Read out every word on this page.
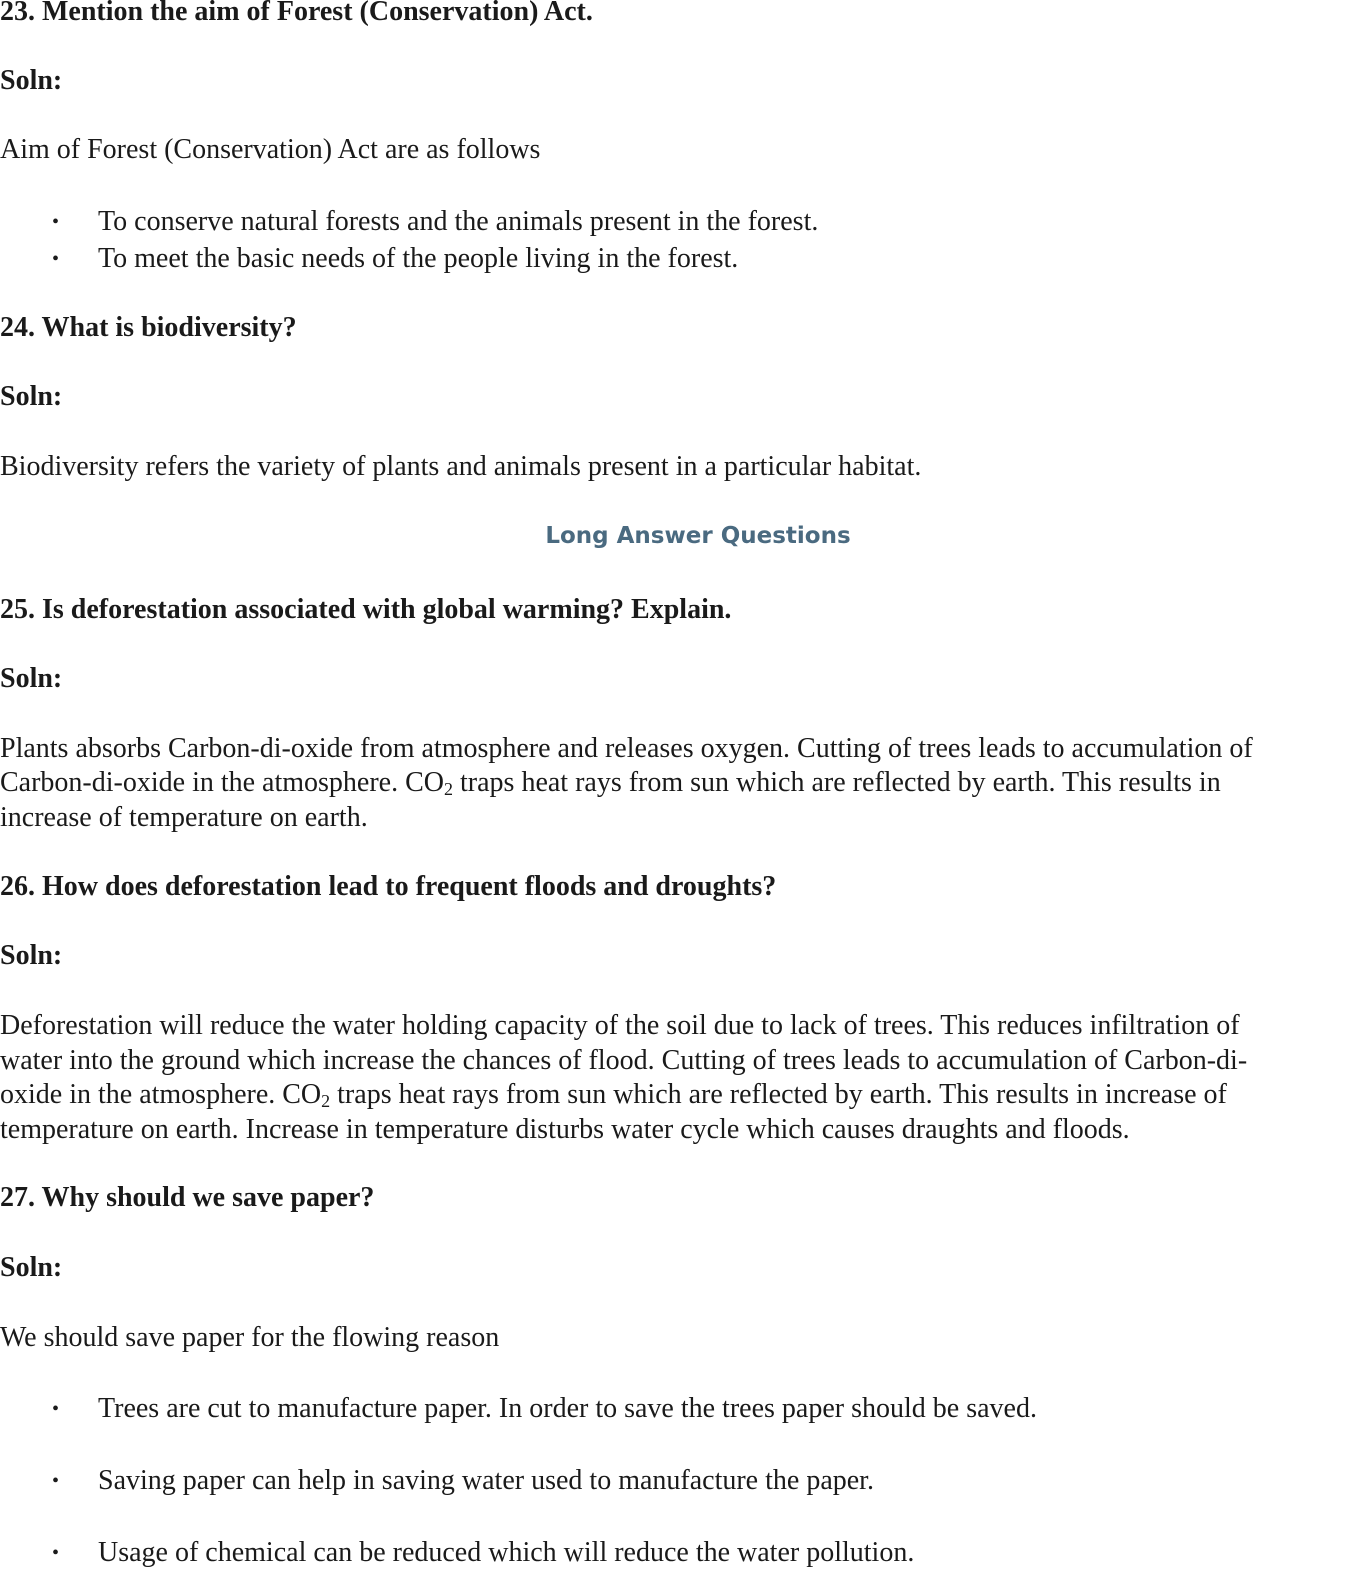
23. Mention the aim of Forest (Conservation) Act.

Soln:

Aim of Forest (Conservation) Act are as follows

• To conserve natural forests and the animals present in the forest.

• To meet the basic needs of the people living in the forest.

24. What is biodiversity?

Soln:

Biodiversity refers the variety of plants and animals present in a particular habitat.

Long Answer Questions

25. Is deforestation associated with global warming? Explain.

Soln:

Plants absorbs Carbon-di-oxide from atmosphere and releases oxygen. Cutting of trees leads to accumulation of

Carbon-di-oxide in the atmosphere. $CO_2$ traps heat rays from sun which are reflected by earth. This results in

increase of temperature on earth.

26. How does deforestation lead to frequent floods and droughts?

Soln:

Deforestation will reduce the water holding capacity of the soil due to lack of trees. This reduces infiltration of

water into the ground which increase the chances of flood. Cutting of trees leads to accumulation of Carbon-di-

oxide in the atmosphere. $CO_2$ traps heat rays from sun which are reflected by earth. This results in increase of

temperature on earth. Increase in temperature disturbs water cycle which causes draughts and floods.

27. Why should we save paper?

Soln:

We should save paper for the flowing reason

• Trees are cut to manufacture paper. In order to save the trees paper should be saved.

• Saving paper can help in saving water used to manufacture the paper.

• Usage of chemical can be reduced which will reduce the water pollution.
